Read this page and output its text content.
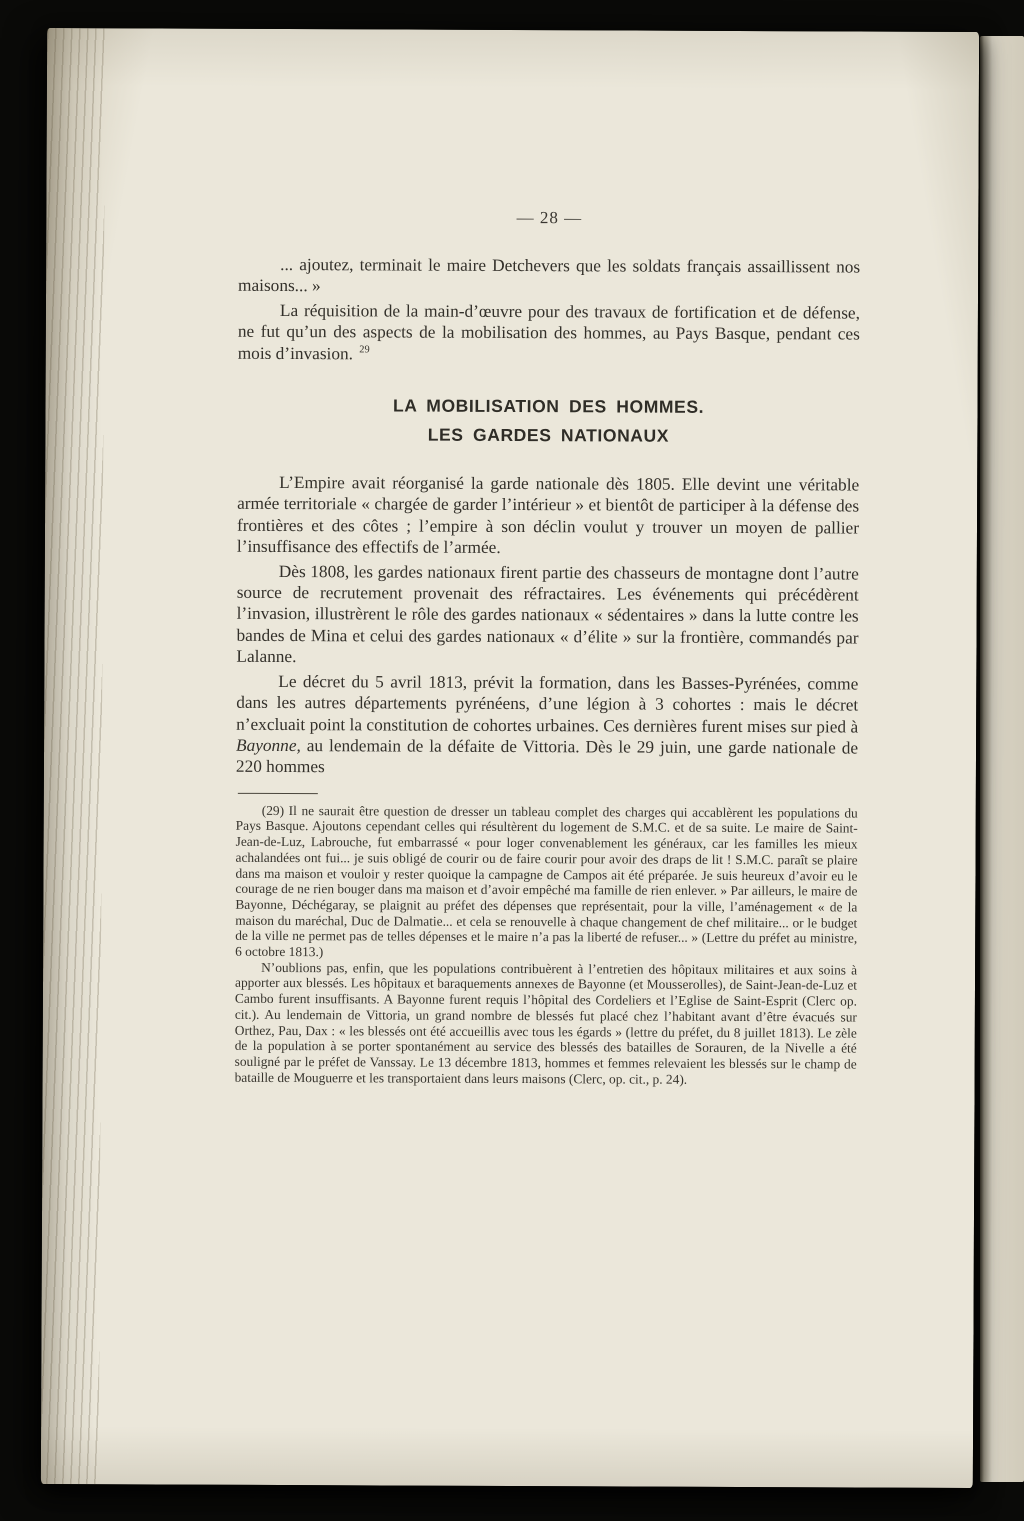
— 28 —

... ajoutez, terminait le maire Detchevers que les soldats français assaillissent nos maisons... »

La réquisition de la main-d’œuvre pour des travaux de fortification et de défense, ne fut qu’un des aspects de la mobilisation des hommes, au Pays Basque, pendant ces mois d’invasion. $^{29}$

LA MOBILISATION DES HOMMES.
LES GARDES NATIONAUX

L’Empire avait réorganisé la garde nationale dès 1805. Elle devint une véritable armée territoriale « chargée de garder l’intérieur » et bientôt de participer à la défense des frontières et des côtes ; l’empire à son déclin voulut y trouver un moyen de pallier l’insuffisance des effectifs de l’armée.

Dès 1808, les gardes nationaux firent partie des chasseurs de montagne dont l’autre source de recrutement provenait des réfractaires. Les événements qui précédèrent l’invasion, illustrèrent le rôle des gardes nationaux « sédentaires » dans la lutte contre les bandes de Mina et celui des gardes nationaux « d’élite » sur la frontière, commandés par Lalanne.

Le décret du 5 avril 1813, prévit la formation, dans les Basses-Pyrénées, comme dans les autres départements pyrénéens, d’une légion à 3 cohortes : mais le décret n’excluait point la constitution de cohortes urbaines. Ces dernières furent mises sur pied à Bayonne, au lendemain de la défaite de Vittoria. Dès le 29 juin, une garde nationale de 220 hommes

(29) Il ne saurait être question de dresser un tableau complet des charges qui accablèrent les populations du Pays Basque. Ajoutons cependant celles qui résultèrent du logement de S.M.C. et de sa suite. Le maire de Saint-Jean-de-Luz, Labrouche, fut embarrassé « pour loger convenablement les généraux, car les familles les mieux achalandées ont fui... je suis obligé de courir ou de faire courir pour avoir des draps de lit ! S.M.C. paraît se plaire dans ma maison et vouloir y rester quoique la campagne de Campos ait été préparée. Je suis heureux d’avoir eu le courage de ne rien bouger dans ma maison et d’avoir empêché ma famille de rien enlever. » Par ailleurs, le maire de Bayonne, Déchégaray, se plaignit au préfet des dépenses que représentait, pour la ville, l’aménagement « de la maison du maréchal, Duc de Dalmatie... et cela se renouvelle à chaque changement de chef militaire... or le budget de la ville ne permet pas de telles dépenses et le maire n’a pas la liberté de refuser... » (Lettre du préfet au ministre, 6 octobre 1813.)

N’oublions pas, enfin, que les populations contribuèrent à l’entretien des hôpitaux militaires et aux soins à apporter aux blessés. Les hôpitaux et baraquements annexes de Bayonne (et Mousserolles), de Saint-Jean-de-Luz et Cambo furent insuffisants. A Bayonne furent requis l’hôpital des Cordeliers et l’Eglise de Saint-Esprit (Clerc op. cit.). Au lendemain de Vittoria, un grand nombre de blessés fut placé chez l’habitant avant d’être évacués sur Orthez, Pau, Dax : « les blessés ont été accueillis avec tous les égards » (lettre du préfet, du 8 juillet 1813). Le zèle de la population à se porter spontanément au service des blessés des batailles de Sorauren, de la Nivelle a été souligné par le préfet de Vanssay. Le 13 décembre 1813, hommes et femmes relevaient les blessés sur le champ de bataille de Mouguerre et les transportaient dans leurs maisons (Clerc, op. cit., p. 24).
